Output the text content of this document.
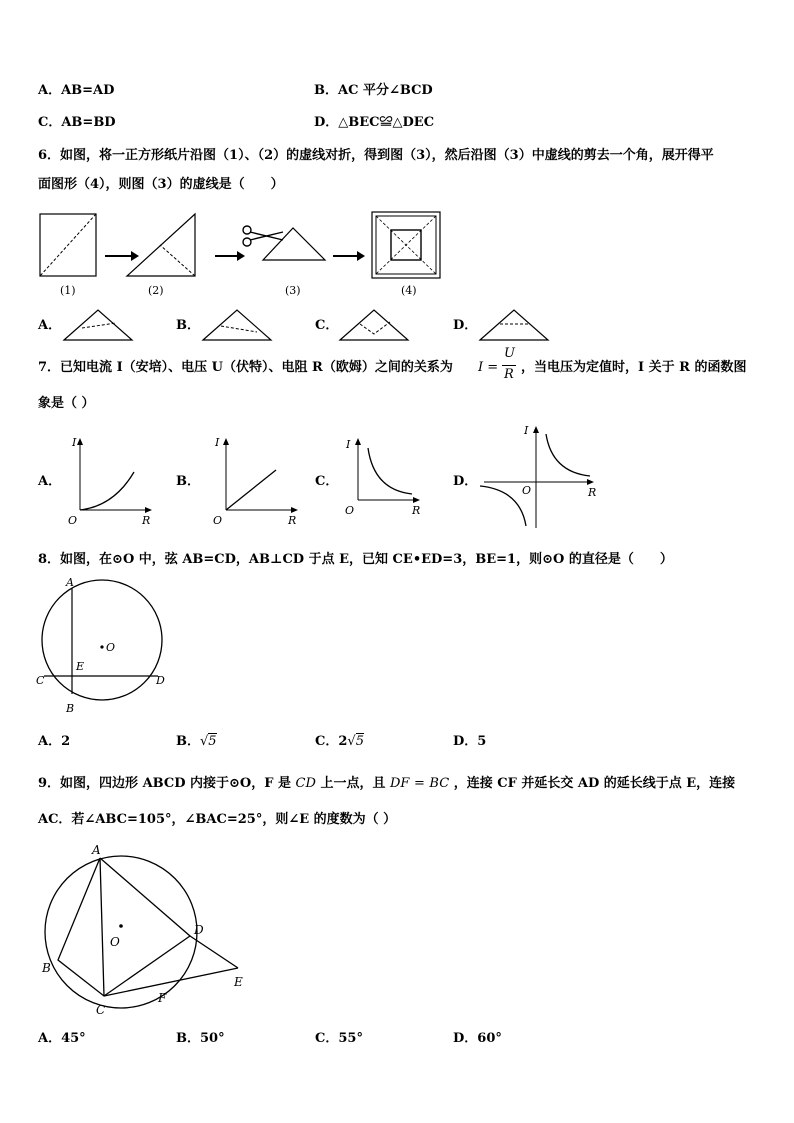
A．AB=AD	B．AC 平分∠BCD
C．AB=BD	D．△BEC≌△DEC
6．如图，将一正方形纸片沿图（1）、（2）的虚线对折，得到图（3），然后沿图（3）中虚线的剪去一个角，展开得平
面图形（4），则图（3）的虚线是（　　）
(1)	(2)	(3)	(4)
A．	B．	C．	D．
7．已知电流 I（安培）、电压 U（伏特）、电阻 R（欧姆）之间的关系为 I =
U
R ，当电压为定值时，I 关于 R 的函数图
象是（ ）
A．
I
R
O
B．
I
R
O
C．
I
R
O
D．
I
R
O
8．如图，在⊙O 中，弦 AB=CD，AB⊥CD 于点 E，已知 CE•ED=3，BE=1，则⊙O 的直径是（　　）
A
B
C	D
E
O
A．2	B．√5	C．2√5	D．5
9．如图，四边形 ABCD 内接于⊙O，F 是 CD 上一点，且 DF = BC ，连接 CF 并延长交 AD 的延长线于点 E，连接
AC．若∠ABC=105°，∠BAC=25°，则∠E 的度数为（ ）
A
B
C
D
E
F
O
A．45°	B．50°	C．55°	D．60°
